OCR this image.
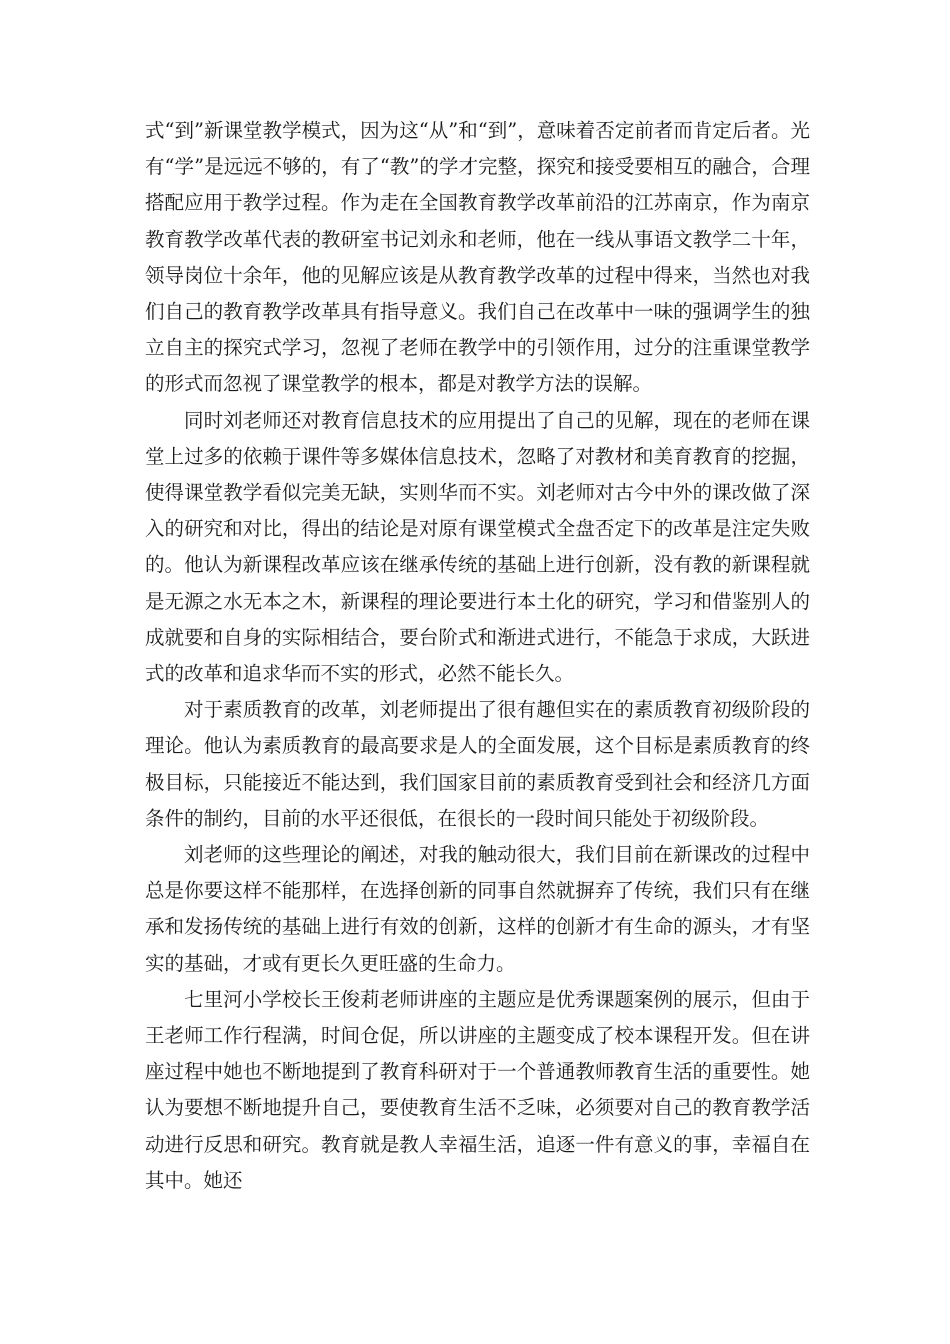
式“到”新课堂教学模式，因为这“从”和“到”，意味着否定前者而肯定后者。光有“学”是远远不够的，有了“教”的学才完整，探究和接受要相互的融合，合理搭配应用于教学过程。作为走在全国教育教学改革前沿的江苏南京，作为南京教育教学改革代表的教研室书记刘永和老师，他在一线从事语文教学二十年，领导岗位十余年，他的见解应该是从教育教学改革的过程中得来，当然也对我们自己的教育教学改革具有指导意义。我们自己在改革中一味的强调学生的独立自主的探究式学习，忽视了老师在教学中的引领作用，过分的注重课堂教学的形式而忽视了课堂教学的根本，都是对教学方法的误解。

同时刘老师还对教育信息技术的应用提出了自己的见解，现在的老师在课堂上过多的依赖于课件等多媒体信息技术，忽略了对教材和美育教育的挖掘，使得课堂教学看似完美无缺，实则华而不实。刘老师对古今中外的课改做了深入的研究和对比，得出的结论是对原有课堂模式全盘否定下的改革是注定失败的。他认为新课程改革应该在继承传统的基础上进行创新，没有教的新课程就是无源之水无本之木，新课程的理论要进行本土化的研究，学习和借鉴别人的成就要和自身的实际相结合，要台阶式和渐进式进行，不能急于求成，大跃进式的改革和追求华而不实的形式，必然不能长久。

对于素质教育的改革，刘老师提出了很有趣但实在的素质教育初级阶段的理论。他认为素质教育的最高要求是人的全面发展，这个目标是素质教育的终极目标，只能接近不能达到，我们国家目前的素质教育受到社会和经济几方面条件的制约，目前的水平还很低，在很长的一段时间只能处于初级阶段。

刘老师的这些理论的阐述，对我的触动很大，我们目前在新课改的过程中总是你要这样不能那样，在选择创新的同事自然就摒弃了传统，我们只有在继承和发扬传统的基础上进行有效的创新，这样的创新才有生命的源头，才有坚实的基础，才或有更长久更旺盛的生命力。

七里河小学校长王俊莉老师讲座的主题应是优秀课题案例的展示，但由于王老师工作行程满，时间仓促，所以讲座的主题变成了校本课程开发。但在讲座过程中她也不断地提到了教育科研对于一个普通教师教育生活的重要性。她认为要想不断地提升自己，要使教育生活不乏味，必须要对自己的教育教学活动进行反思和研究。教育就是教人幸福生活，追逐一件有意义的事，幸福自在其中。她还
